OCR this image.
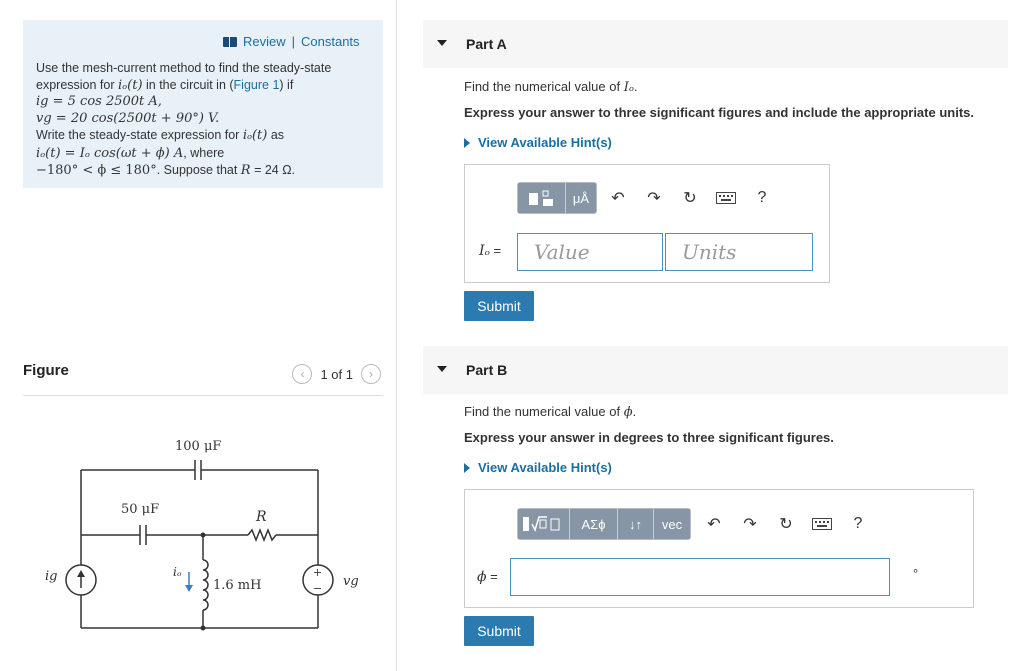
Review | Constants
Use the mesh-current method to find the steady-state
expression for iₒ(t) in the circuit in (Figure 1) if
ig = 5 cos 2500t A,
vg = 20 cos(2500t + 90°) V.
Write the steady-state expression for iₒ(t) as
iₒ(t) = Iₒ cos(ωt + ϕ) A, where
−180° < ϕ ≤ 180°. Suppose that R = 24 Ω.
Figure	‹	1 of 1	›
100 μF
50 μF	R
1.6 mH
ig	vg
iₒ	+
−
Part A
Find the numerical value of Iₒ.
Express your answer to three significant figures and include the appropriate units.
View Available Hint(s)
μÅ	↶	↷	↻	?
Iₒ =	Value	Units
Submit
Part B
Find the numerical value of ϕ.
Express your answer in degrees to three significant figures.
View Available Hint(s)
ΑΣϕ	↓↑	vec	↶	↷	↻	?
ϕ =	°
Submit
